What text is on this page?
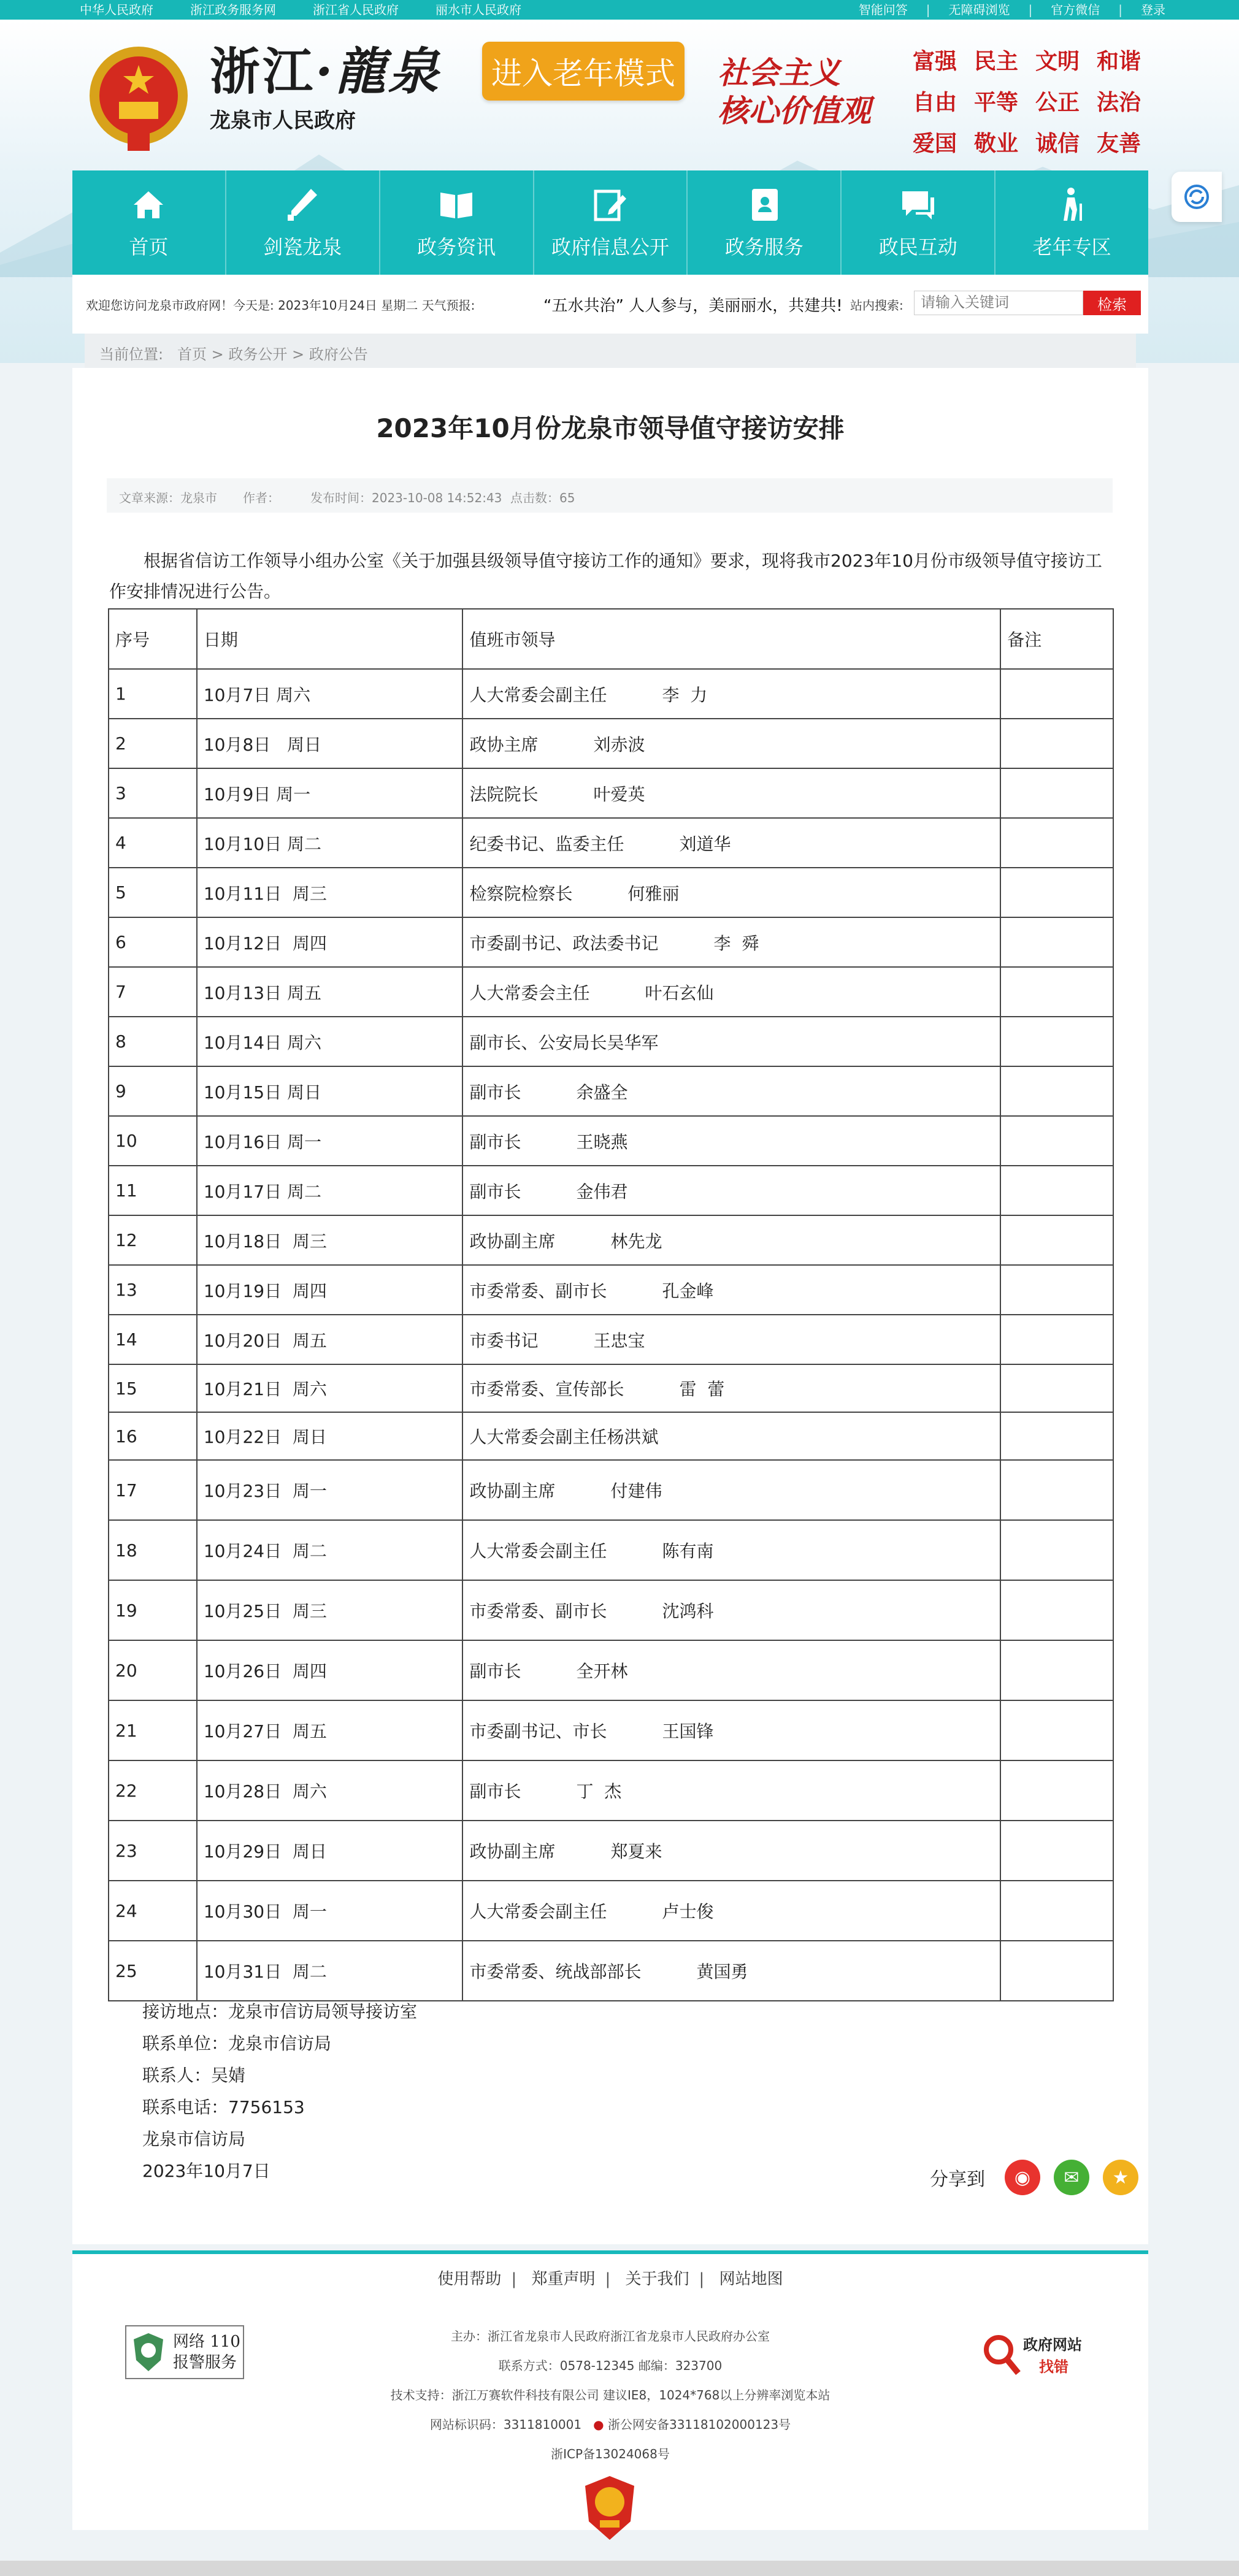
中华人民政府	浙江政务服务网	浙江省人民政府	丽水市人民政府	智能问答 | 无障碍浏览 | 官方微信 | 登录
浙江·龍泉
龙泉市人民政府
进入老年模式	社会主义
核心价值观
富强 民主 文明 和谐
自由 平等 公正 法治
爱国 敬业 诚信 友善
首页	剑瓷龙泉	政务资讯	政府信息公开	政务服务	政民互动	老年专区
欢迎您访问龙泉市政府网！今天是: 2023年10月24日 星期二 天气预报:	“五水共治” 人人参与，美丽丽水，共建共! 站内搜索:
请输入关键词	检索
当前位置: 首页 > 政务公开 > 政府公告
2023年10月份龙泉市领导值守接访安排
文章来源：龙泉市 作者：	发布时间：2023-10-08 14:52:43 点击数：65
根据省信访工作领导小组办公室《关于加强县级领导值守接访工作的通知》要求，现将我市2023年10月份市级领导值守接访工作安排情况进行公告。
序号	日期	值班市领导	备注
1	10月7日 周六	人大常委会副主任 李  力	
2	10月8日   周日	政协主席 刘赤波	
3	10月9日 周一	法院院长 叶爱英	
4	10月10日 周二	纪委书记、监委主任 刘道华	
5	10月11日  周三	检察院检察长 何雅丽	
6	10月12日  周四	市委副书记、政法委书记 李  舜	
7	10月13日 周五	人大常委会主任 叶石玄仙	
8	10月14日 周六	副市长、公安局长吴华军	
9	10月15日 周日	副市长 余盛全	
10	10月16日 周一	副市长 王晓燕	
11	10月17日 周二	副市长 金伟君	
12	10月18日  周三	政协副主席 林先龙	
13	10月19日  周四	市委常委、副市长 孔金峰	
14	10月20日  周五	市委书记 王忠宝	
15	10月21日  周六	市委常委、宣传部长 雷  蕾	
16	10月22日  周日	人大常委会副主任杨洪斌	
17	10月23日  周一	政协副主席 付建伟	
18	10月24日  周二	人大常委会副主任 陈有南	
19	10月25日  周三	市委常委、副市长 沈鸿科	
20	10月26日  周四	副市长 全开林	
21	10月27日  周五	市委副书记、市长 王国锋	
22	10月28日  周六	副市长 丁  杰	
23	10月29日  周日	政协副主席 郑夏来	
24	10月30日  周一	人大常委会副主任 卢士俊	
25	10月31日  周二	市委常委、统战部部长 黄国勇	
接访地点：龙泉市信访局领导接访室
联系单位：龙泉市信访局
联系人：吴婧
联系电话：7756153
龙泉市信访局
2023年10月7日	分享到	◉	✉	★
使用帮助 | 郑重声明 | 关于我们 | 网站地图
网络 110
报警服务
主办：浙江省龙泉市人民政府浙江省龙泉市人民政府办公室
联系方式：0578-12345 邮编：323700
技术支持：浙江万赛软件科技有限公司 建议IE8，1024*768以上分辨率浏览本站
网站标识码：3311810001 ● 浙公网安备33118102000123号
浙ICP备13024068号
政府网站
找错
